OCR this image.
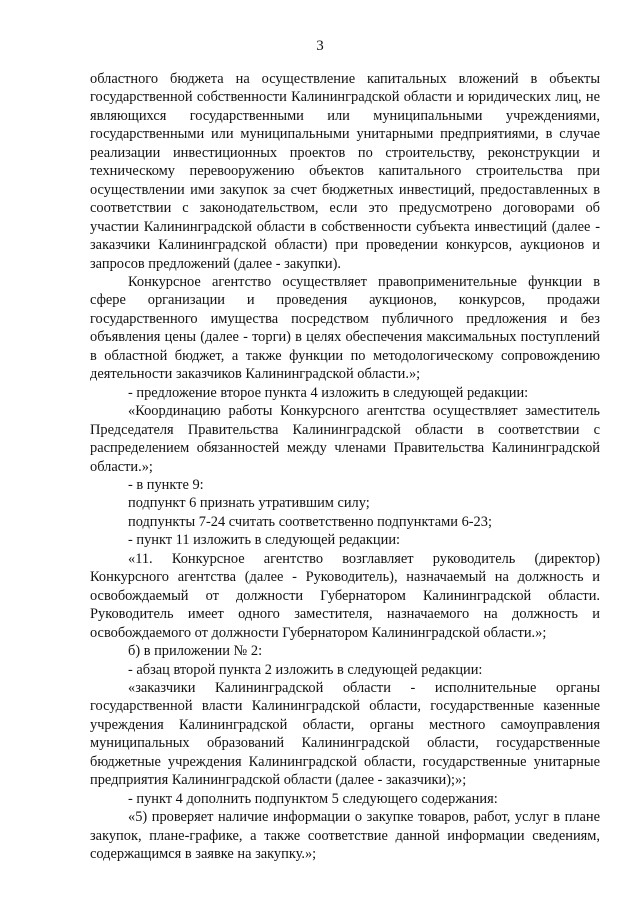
3

областного бюджета на осуществление капитальных вложений в объекты государственной собственности Калининградской области и юридических лиц, не являющихся государственными или муниципальными учреждениями, государственными или муниципальными унитарными предприятиями, в случае реализации инвестиционных проектов по строительству, реконструкции и техническому перевооружению объектов капитального строительства при осуществлении ими закупок за счет бюджетных инвестиций, предоставленных в соответствии с законодательством, если это предусмотрено договорами об участии Калининградской области в собственности субъекта инвестиций (далее - заказчики Калининградской области) при проведении конкурсов, аукционов и запросов предложений (далее - закупки).

Конкурсное агентство осуществляет правоприменительные функции в сфере организации и проведения аукционов, конкурсов, продажи государственного имущества посредством публичного предложения и без объявления цены (далее - торги) в целях обеспечения максимальных поступлений в областной бюджет, а также функции по методологическому сопровождению деятельности заказчиков Калининградской области.»;

- предложение второе пункта 4 изложить в следующей редакции:

«Координацию работы Конкурсного агентства осуществляет заместитель Председателя Правительства Калининградской области в соответствии с распределением обязанностей между членами Правительства Калининградской области.»;

- в пункте 9:

подпункт 6 признать утратившим силу;

подпункты 7-24 считать соответственно подпунктами 6-23;

- пункт 11 изложить в следующей редакции:

«11. Конкурсное агентство возглавляет руководитель (директор) Конкурсного агентства (далее - Руководитель), назначаемый на должность и освобождаемый от должности Губернатором Калининградской области. Руководитель имеет одного заместителя, назначаемого на должность и освобождаемого от должности Губернатором Калининградской области.»;

б) в приложении № 2:

- абзац второй пункта 2 изложить в следующей редакции:

«заказчики Калининградской области - исполнительные органы государственной власти Калининградской области, государственные казенные учреждения Калининградской области, органы местного самоуправления муниципальных образований Калининградской области, государственные бюджетные учреждения Калининградской области, государственные унитарные предприятия Калининградской области (далее - заказчики);»;

- пункт 4 дополнить подпунктом 5 следующего содержания:

«5) проверяет наличие информации о закупке товаров, работ, услуг в плане закупок, плане-графике, а также соответствие данной информации сведениям, содержащимся в заявке на закупку.»;
